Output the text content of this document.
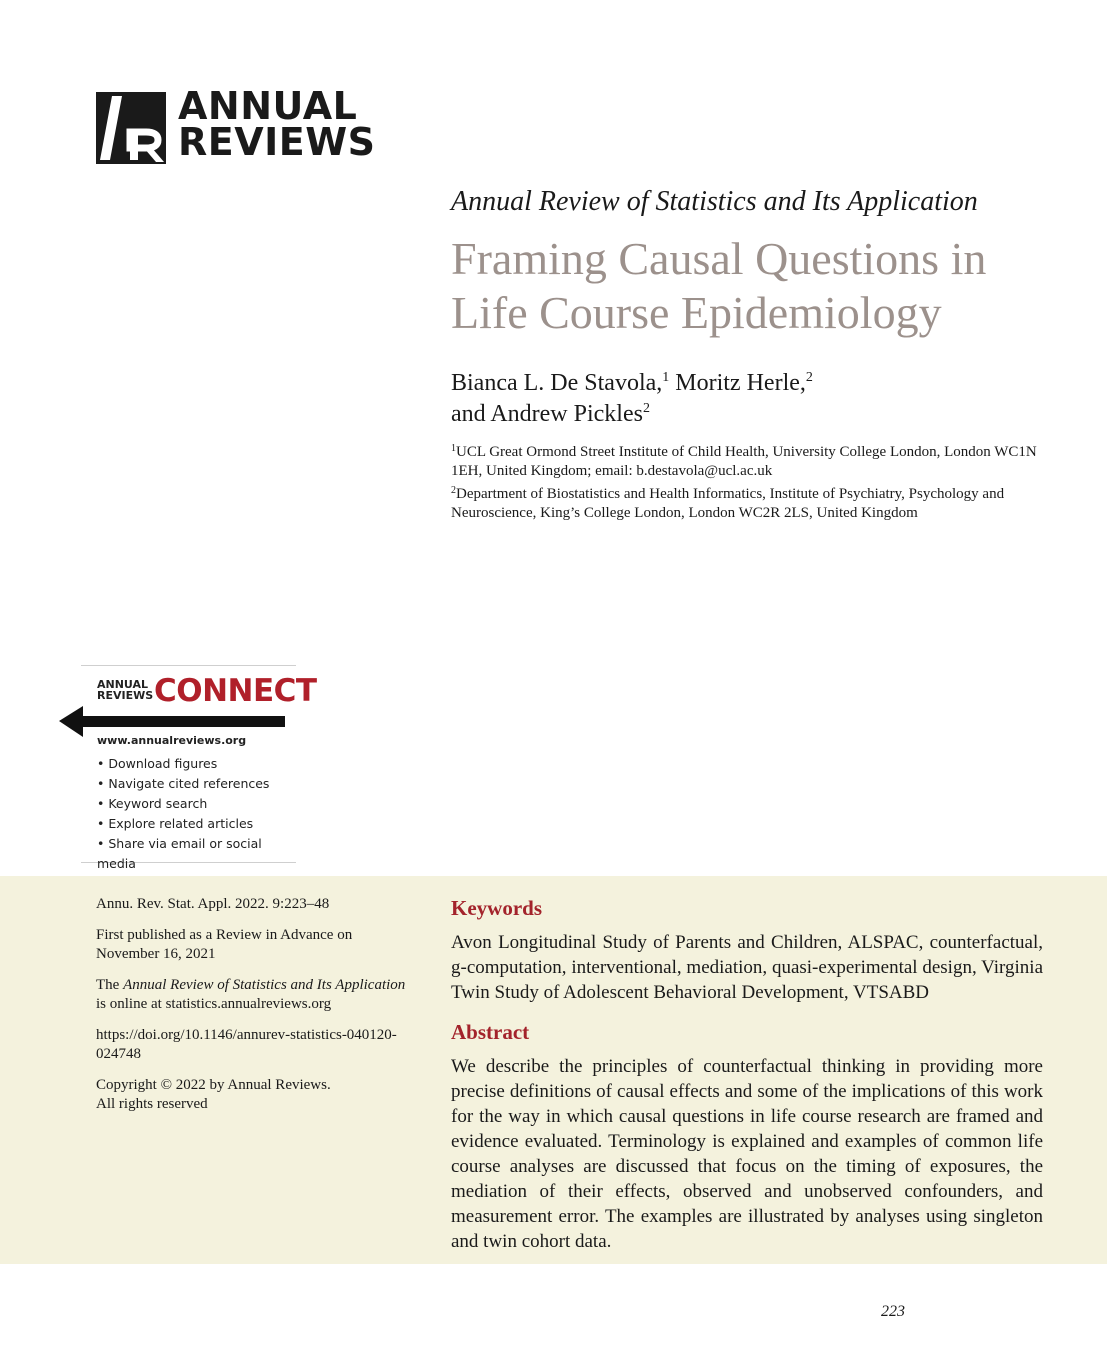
ANNUAL
REVIEWS
Annual Review of Statistics and Its Application
Framing Causal Questions in Life Course Epidemiology
Bianca L. De Stavola,$^1$ Moritz Herle,$^2$
and Andrew Pickles$^2$
$^1$UCL Great Ormond Street Institute of Child Health, University College London, London WC1N 1EH, United Kingdom; email: b.destavola@ucl.ac.uk
$^2$Department of Biostatistics and Health Informatics, Institute of Psychiatry, Psychology and Neuroscience, King’s College London, London WC2R 2LS, United Kingdom
ANNUAL
REVIEWS CONNECT
www.annualreviews.org
• Download figures
• Navigate cited references
• Keyword search
• Explore related articles
• Share via email or social media

Annu. Rev. Stat. Appl. 2022. 9:223–48

First published as a Review in Advance on November 16, 2021

The Annual Review of Statistics and Its Application is online at statistics.annualreviews.org

https://doi.org/10.1146/annurev-statistics-040120-024748

Copyright © 2022 by Annual Reviews.
All rights reserved

Keywords
Avon Longitudinal Study of Parents and Children, ALSPAC, counterfactual, g-computation, interventional, mediation, quasi-experimental design, Virginia Twin Study of Adolescent Behavioral Development, VTSABD
Abstract
We describe the principles of counterfactual thinking in providing more precise definitions of causal effects and some of the implications of this work for the way in which causal questions in life course research are framed and evidence evaluated. Terminology is explained and examples of common life course analyses are discussed that focus on the timing of exposures, the mediation of their effects, observed and unobserved confounders, and measurement error. The examples are illustrated by analyses using singleton and twin cohort data.
223
